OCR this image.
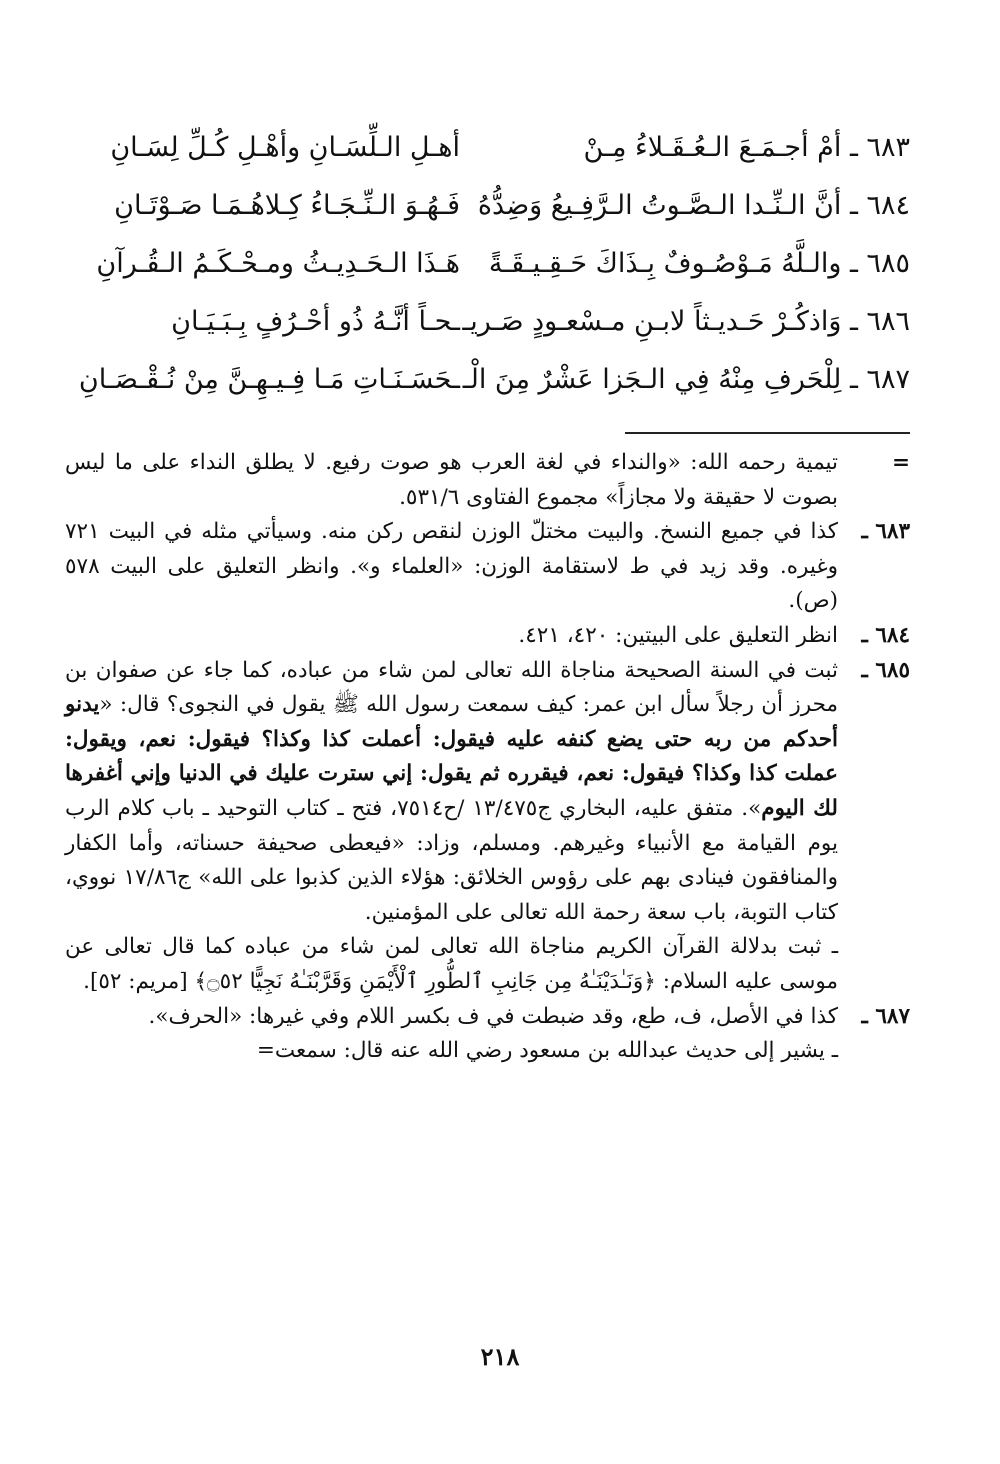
٦٨٣ ـ أمْ أجـمَـعَ الـعُـقَـلاءُ مِـنْ
أهـلِ الـلِّسَـانِ وأهْـلِ كُـلِّ لِسَـانِ
٦٨٤ ـ أنَّ الـنِّـدا الـصَّـوتُ الـرَّفِـيعُ وَضِدُّهُ
فَـهُـوَ الـنِّـجَـاءُ كِـلاهُـمَـا صَـوْتَـانِ
٦٨٥ ـ والـلَّهُ مَـوْصُـوفٌ بِـذَاكَ حَـقِـيـقَـةً
هَـذَا الـحَـدِيـثُ ومـحْـكَـمُ الـقُـرآنِ
٦٨٦ ـ وَاذكُـرْ حَـديـثاً لابـنِ مـسْعـودٍ صَـريـ
ـحـاً أنَّـهُ ذُو أحْـرُفٍ بِـبَـيَـانِ
٦٨٧ ـ لِلْحَرفِ مِنْهُ فِي الـجَزا عَشْرٌ مِنَ الْـ
ـحَسَـنَـاتِ مَـا فِـيـهِـنَّ مِنْ نُـقْـصَـانِ
=

تيمية رحمه الله: «والنداء في لغة العرب هو صوت رفيع. لا يطلق النداء على ما ليس بصوت لا حقيقة ولا مجازاً» مجموع الفتاوى ٥٣١/٦.

٦٨٣ ـ

كذا في جميع النسخ. والبيت مختلّ الوزن لنقص ركن منه. وسيأتي مثله في البيت ٧٢١ وغيره. وقد زيد في ط لاستقامة الوزن: «العلماء و». وانظر التعليق على البيت ٥٧٨ (ص).

٦٨٤ ـ

انظر التعليق على البيتين: ٤٢٠، ٤٢١.

٦٨٥ ـ

ثبت في السنة الصحيحة مناجاة الله تعالى لمن شاء من عباده، كما جاء عن صفوان بن محرز أن رجلاً سأل ابن عمر: كيف سمعت رسول الله ﷺ يقول في النجوى؟ قال: «يدنو أحدكم من ربه حتى يضع كنفه عليه فيقول: أعملت كذا وكذا؟ فيقول: نعم، ويقول: عملت كذا وكذا؟ فيقول: نعم، فيقرره ثم يقول: إني سترت عليك في الدنيا وإني أغفرها لك اليوم». متفق عليه، البخاري ج١٣/٤٧٥ /ح٧٥١٤، فتح ـ كتاب التوحيد ـ باب كلام الرب يوم القيامة مع الأنبياء وغيرهم. ومسلم، وزاد: «فيعطى صحيفة حسناته، وأما الكفار والمنافقون فينادى بهم على رؤوس الخلائق: هؤلاء الذين كذبوا على الله» ج١٧/٨٦ نووي، كتاب التوبة، باب سعة رحمة الله تعالى على المؤمنين.

ـ ثبت بدلالة القرآن الكريم مناجاة الله تعالى لمن شاء من عباده كما قال تعالى عن موسى عليه السلام: ﴿وَنَـٰدَيْنَـٰهُ مِن جَانِبِ ٱلطُّورِ ٱلْأَيْمَنِ وَقَرَّبْنَـٰهُ نَجِيًّا ۝٥٢﴾ [مريم: ٥٢].

٦٨٧ ـ

كذا في الأصل، ف، طع، وقد ضبطت في ف بكسر اللام وفي غيرها: «الحرف».

ـ يشير إلى حديث عبدالله بن مسعود رضي الله عنه قال: سمعت=

٢١٨
